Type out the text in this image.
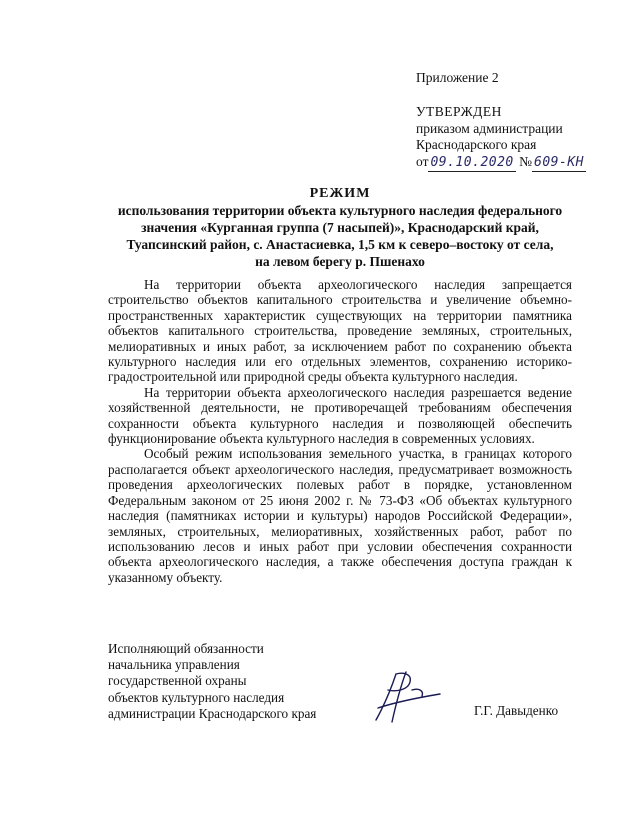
Приложение 2
УТВЕРЖДЕН
приказом администрации
Краснодарского края
от 09.10.2020 № 609-КН
РЕЖИМ
использования территории объекта культурного наследия федерального
значения «Курганная группа (7 насыпей)», Краснодарский край,
Туапсинский район, с. Анастасиевка, 1,5 км к северо–востоку от села,
на левом берегу р. Пшенахо

На территории объекта археологического наследия запрещается строительство объектов капитального строительства и увеличение объемно-пространственных характеристик существующих на территории памятника объектов капитального строительства, проведение земляных, строительных, мелиоративных и иных работ, за исключением работ по сохранению объекта культурного наследия или его отдельных элементов, сохранению историко-градостроительной или природной среды объекта культурного наследия.

На территории объекта археологического наследия разрешается ведение хозяйственной деятельности, не противоречащей требованиям обеспечения сохранности объекта культурного наследия и позволяющей обеспечить функционирование объекта культурного наследия в современных условиях.

Особый режим использования земельного участка, в границах которого располагается объект археологического наследия, предусматривает возможность проведения археологических полевых работ в порядке, установленном Федеральным законом от 25 июня 2002 г. № 73-ФЗ «Об объектах культурного наследия (памятниках истории и культуры) народов Российской Федерации», земляных, строительных, мелиоративных, хозяйственных работ, работ по использованию лесов и иных работ при условии обеспечения сохранности объекта археологического наследия, а также обеспечения доступа граждан к указанному объекту.

Исполняющий обязанности
начальника управления
государственной охраны
объектов культурного наследия
администрации Краснодарского края	Г.Г. Давыденко
